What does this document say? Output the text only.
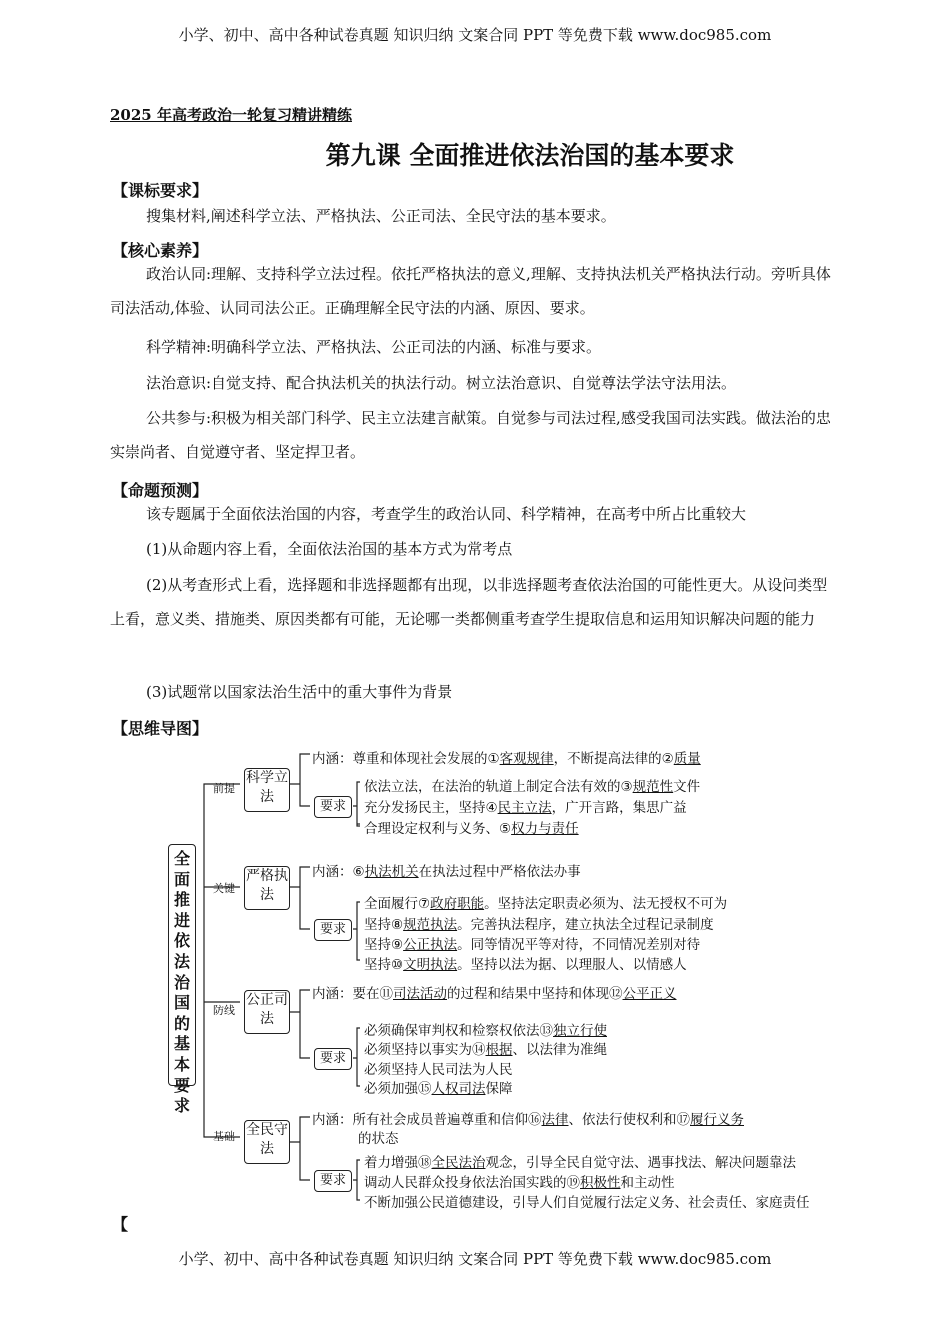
小学、初中、高中各种试卷真题 知识归纳 文案合同 PPT 等免费下载 www.doc985.com
2025 年高考政治一轮复习精讲精练
第九课 全面推进依法治国的基本要求
【课标要求】
搜集材料,阐述科学立法、严格执法、公正司法、全民守法的基本要求。
【核心素养】
政治认同:理解、支持科学立法过程。依托严格执法的意义,理解、支持执法机关严格执法行动。旁听具体司法活动,体验、认同司法公正。正确理解全民守法的内涵、原因、要求。
科学精神:明确科学立法、严格执法、公正司法的内涵、标准与要求。
法治意识:自觉支持、配合执法机关的执法行动。树立法治意识、自觉尊法学法守法用法。
公共参与:积极为相关部门科学、民主立法建言献策。自觉参与司法过程,感受我国司法实践。做法治的忠实崇尚者、自觉遵守者、坚定捍卫者。
【命题预测】
该专题属于全面依法治国的内容，考查学生的政治认同、科学精神，在高考中所占比重较大
(1)从命题内容上看，全面依法治国的基本方式为常考点
(2)从考查形式上看，选择题和非选择题都有出现，以非选择题考查依法治国的可能性更大。从设问类型上看，意义类、措施类、原因类都有可能，无论哪一类都侧重考查学生提取信息和运用知识解决问题的能力
(3)试题常以国家法治生活中的重大事件为背景
【思维导图】
全面推进依法治国的基本要求
前提
科学立法
内涵：尊重和体现社会发展的①客观规律，不断提高法律的②质量
要求
依法立法，在法治的轨道上制定合法有效的③规范性文件
充分发扬民主，坚持④民主立法，广开言路，集思广益
合理设定权利与义务、⑤权力与责任
关键
严格执法
内涵：⑥执法机关在执法过程中严格依法办事
要求
全面履行⑦政府职能。坚持法定职责必须为、法无授权不可为
坚持⑧规范执法。完善执法程序，建立执法全过程记录制度
坚持⑨公正执法。同等情况平等对待，不同情况差别对待
坚持⑩文明执法。坚持以法为据、以理服人、以情感人
防线
公正司法
内涵：要在⑪司法活动的过程和结果中坚持和体现⑫公平正义
要求
必须确保审判权和检察权依法⑬独立行使
必须坚持以事实为⑭根据、以法律为准绳
必须坚持人民司法为人民
必须加强⑮人权司法保障
基础 全民守法
内涵：所有社会成员普遍尊重和信仰⑯法律、依法行使权利和⑰履行义务
的状态
要求
着力增强⑱全民法治观念，引导全民自觉守法、遇事找法、解决问题靠法
调动人民群众投身依法治国实践的⑲积极性和主动性
不断加强公民道德建设，引导人们自觉履行法定义务、社会责任、家庭责任
【
小学、初中、高中各种试卷真题 知识归纳 文案合同 PPT 等免费下载 www.doc985.com
